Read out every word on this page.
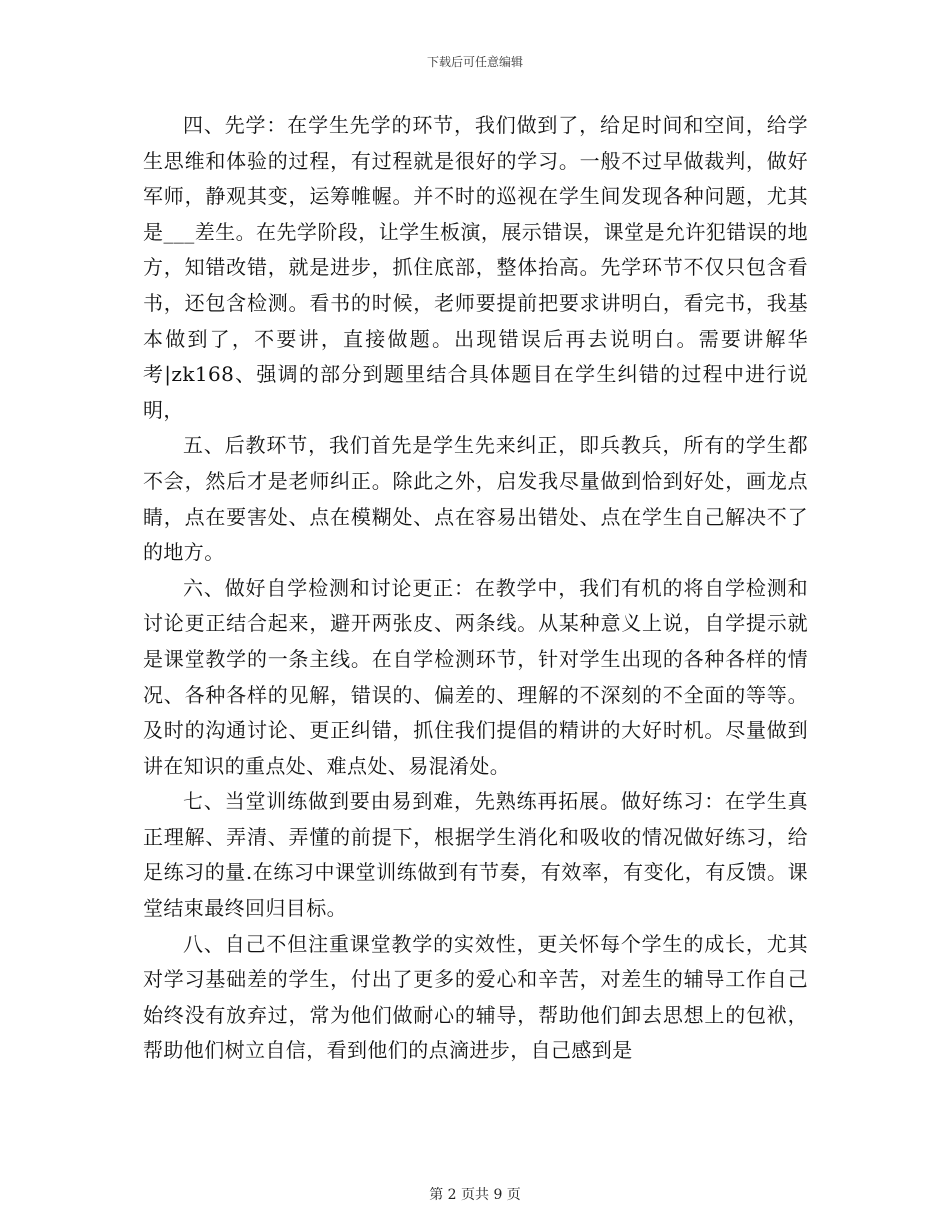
下载后可任意编辑

四、先学：在学生先学的环节，我们做到了，给足时间和空间，给学生思维和体验的过程，有过程就是很好的学习。一般不过早做裁判，做好军师，静观其变，运筹帷幄。并不时的巡视在学生间发现各种问题，尤其是___差生。在先学阶段，让学生板演，展示错误，课堂是允许犯错误的地方，知错改错，就是进步，抓住底部，整体抬高。先学环节不仅只包含看书，还包含检测。看书的时候，老师要提前把要求讲明白，看完书，我基本做到了，不要讲，直接做题。出现错误后再去说明白。需要讲解华考|zk168、强调的部分到题里结合具体题目在学生纠错的过程中进行说明，

五、后教环节，我们首先是学生先来纠正，即兵教兵，所有的学生都不会，然后才是老师纠正。除此之外，启发我尽量做到恰到好处，画龙点睛，点在要害处、点在模糊处、点在容易出错处、点在学生自己解决不了的地方。

六、做好自学检测和讨论更正：在教学中，我们有机的将自学检测和讨论更正结合起来，避开两张皮、两条线。从某种意义上说，自学提示就是课堂教学的一条主线。在自学检测环节，针对学生出现的各种各样的情况、各种各样的见解，错误的、偏差的、理解的不深刻的不全面的等等。及时的沟通讨论、更正纠错，抓住我们提倡的精讲的大好时机。尽量做到讲在知识的重点处、难点处、易混淆处。

七、当堂训练做到要由易到难，先熟练再拓展。做好练习：在学生真正理解、弄清、弄懂的前提下，根据学生消化和吸收的情况做好练习，给足练习的量.在练习中课堂训练做到有节奏，有效率，有变化，有反馈。课堂结束最终回归目标。

八、自己不但注重课堂教学的实效性，更关怀每个学生的成长，尤其对学习基础差的学生，付出了更多的爱心和辛苦，对差生的辅导工作自己始终没有放弃过，常为他们做耐心的辅导，帮助他们卸去思想上的包袱，帮助他们树立自信，看到他们的点滴进步，自己感到是

第 2 页共 9 页
